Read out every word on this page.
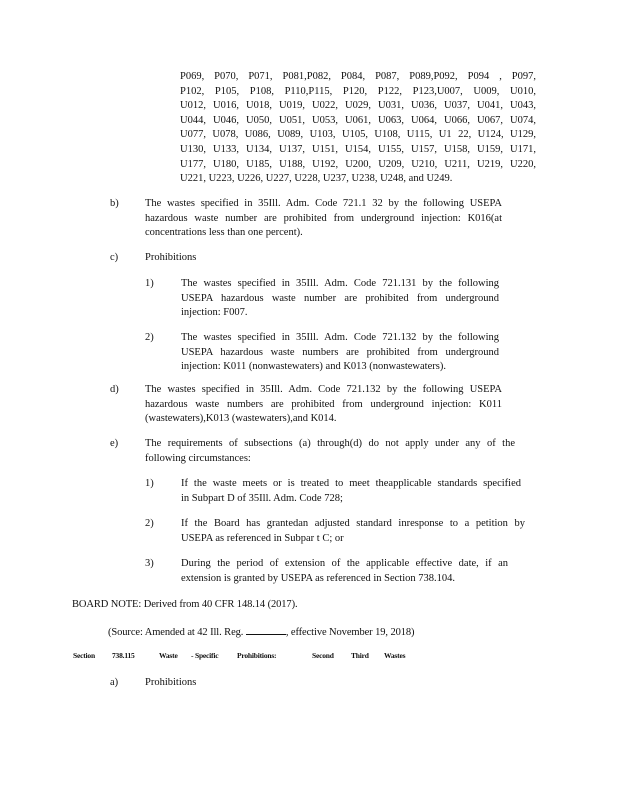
P069, P070, P071, P081,P082, P084, P087, P089,P092, P094 , P097,
P102, P105, P108, P110,P115, P120, P122, P123,U007, U009, U010,
U012, U016, U018, U019, U022, U029, U031, U036, U037, U041, U043,
U044, U046, U050, U051, U053, U061, U063, U064, U066, U067, U074,
U077, U078, U086, U089, U103, U105, U108, U115, U1 22, U124, U129,
U130, U133, U134, U137, U151, U154, U155, U157, U158, U159, U171,
U177, U180, U185, U188, U192, U200, U209, U210, U211, U219, U220,
U221, U223, U226, U227, U228, U237, U238, U248, and U249.
b)	The wastes specified in 35Ill. Adm. Code 721.1 32 by the following USEPA
hazardous waste number are prohibited from underground injection: K016(at
concentrations less than one percent).
c)	Prohibitions
1)	The wastes specified in 35Ill. Adm. Code 721.131 by the following
USEPA hazardous waste number are prohibited from underground
injection: F007.
2)	The wastes specified in 35Ill. Adm. Code 721.132 by the following
USEPA hazardous waste numbers are prohibited from underground
injection: K011 (nonwastewaters) and K013 (nonwastewaters).
d)	The wastes specified in 35Ill. Adm. Code 721.132 by the following USEPA
hazardous waste numbers are prohibited from underground injection: K011
(wastewaters),K013 (wastewaters),and K014.
e)	The requirements of subsections (a) through(d) do not apply under any of the
following circumstances:
1)	If the waste meets or is treated to meet theapplicable standards specified
in Subpart D of 35Ill. Adm. Code 728;
2)	If the Board has grantedan adjusted standard inresponse to a petition by
USEPA as referenced in Subpar t C; or
3)	During the period of extension of the applicable effective date, if an
extension is granted by USEPA as referenced in Section 738.104.
BOARD NOTE: Derived from 40 CFR 148.14 (2017).
(Source: Amended at 42 Ill. Reg.	, effective November 19, 2018)
Section 738.115	Waste - Specific Prohibitions:	Second Third Wastes
a)	Prohibitions
